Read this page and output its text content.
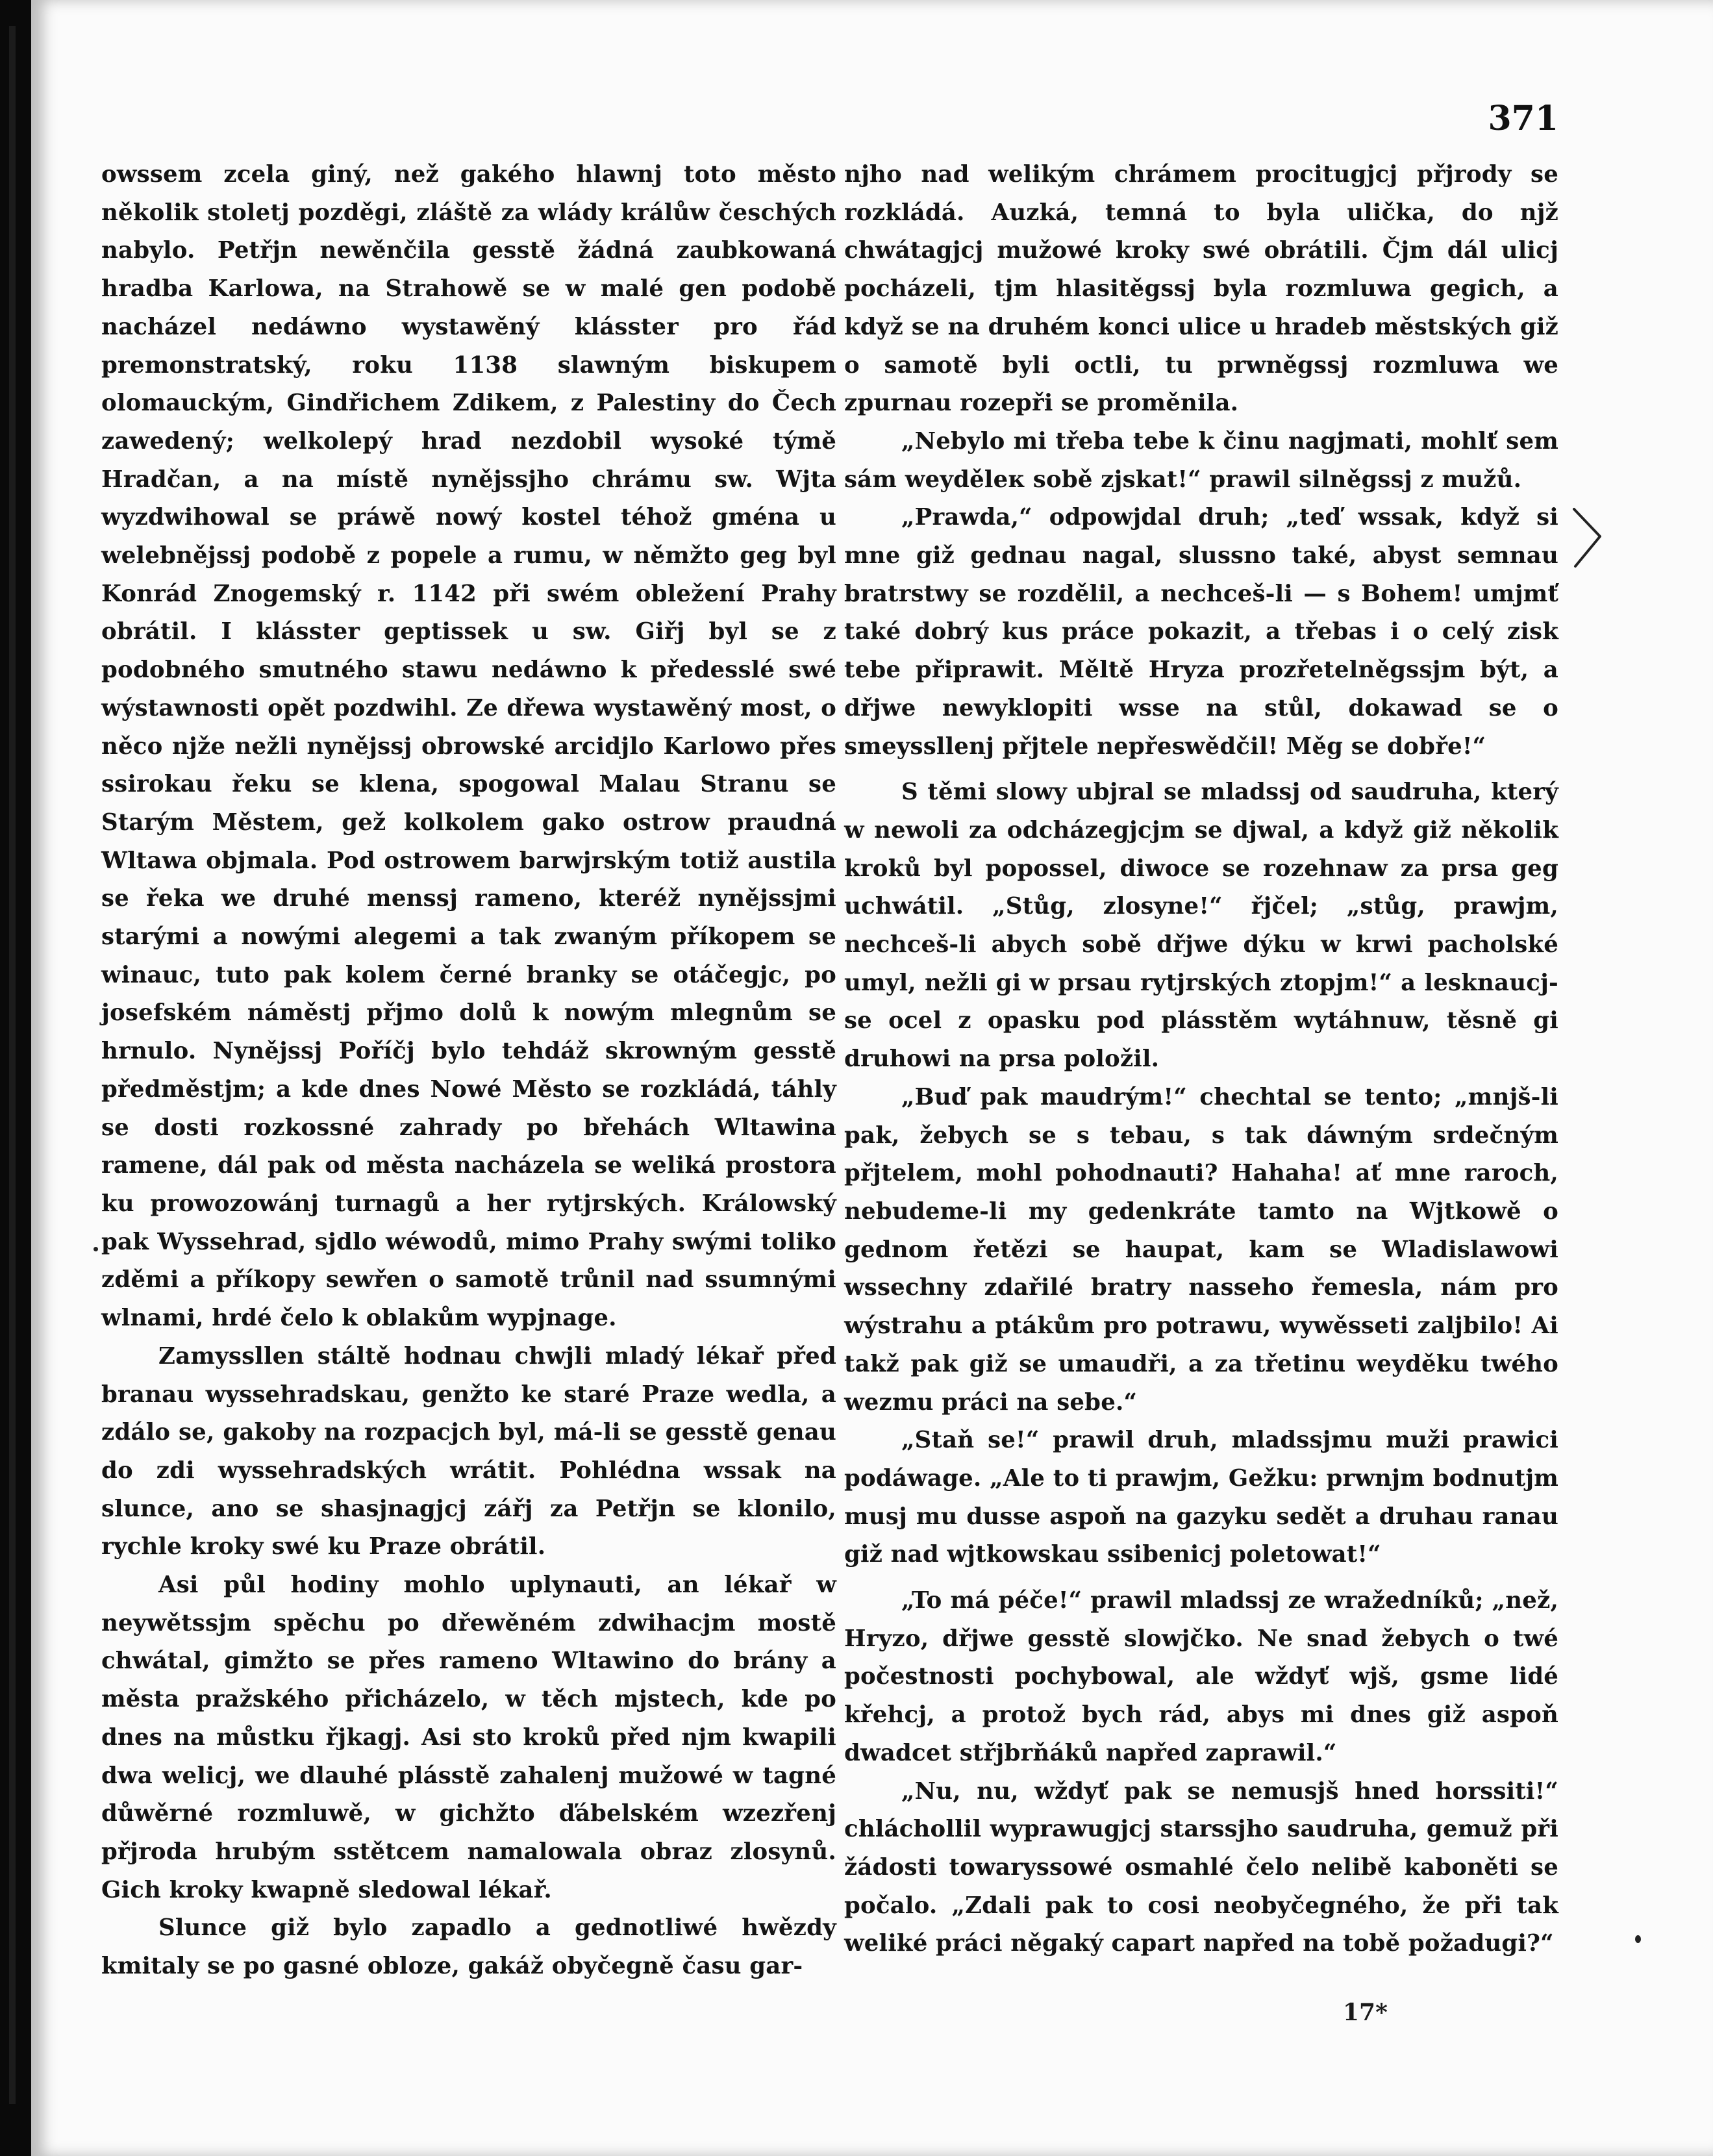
371

owssem zcela giný, než gakého hlawnj toto město několik stoletj pozděgi, zláště za wlády králůw česchých nabylo. Petřjn newěnčila gesstě žádná zaubkowaná hradba Karlowa, na Strahowě se w malé gen podobě nacházel nedáwno wystawěný klásster pro řád premonstratský, roku 1138 slawným biskupem olomauckým, Gindřichem Zdikem, z Palestiny do Čech zawedený; welkolepý hrad nezdobil wysoké týmě Hradčan, a na místě nynějssjho chrámu sw. Wjta wyzdwihowal se práwě nowý kostel téhož gména u welebnějssj podobě z popele a rumu, w němžto geg byl Konrád Znogemský r. 1142 při swém obležení Prahy obrátil. I klásster geptissek u sw. Giřj byl se z podobného smutného stawu nedáwno k předesslé swé wýstawnosti opět pozdwihl. Ze dřewa wystawěný most, o něco njže nežli nynějssj obrowské arcidjlo Karlowo přes ssirokau řeku se klena, spogowal Malau Stranu se Starým Městem, gež kolkolem gako ostrow praudná Wltawa objmala. Pod ostrowem barwjrským totiž austila se řeka we druhé menssj rameno, kteréž nynějssjmi starými a nowými alegemi a tak zwaným příkopem se winauc, tuto pak kolem černé branky se otáčegjc, po josefském náměstj přjmo dolů k nowým mlegnům se hrnulo. Nynějssj Poříčj bylo tehdáž skrowným gesstě předměstjm; a kde dnes Nowé Město se rozkládá, táhly se dosti rozkossné zahrady po břehách Wltawina ramene, dál pak od města nacházela se weliká prostora ku prowozowánj turnagů a her rytjrských. Králowský pak Wyssehrad, sjdlo wéwodů, mimo Prahy swými toliko zděmi a příkopy sewřen o samotě trůnil nad ssumnými wlnami, hrdé čelo k oblakům wypjnage.

Zamyssllen stáltě hodnau chwjli mladý lékař před branau wyssehradskau, genžto ke staré Praze wedla, a zdálo se, gakoby na rozpacjch byl, má-li se gesstě genau do zdi wyssehradských wrátit. Pohlédna wssak na slunce, ano se shasjnagjcj zářj za Petřjn se klonilo, rychle kroky swé ku Praze obrátil.

Asi půl hodiny mohlo uplynauti, an lékař w neywětssjm spěchu po dřewěném zdwihacjm mostě chwátal, gimžto se přes rameno Wltawino do brány a města pražského přicházelo, w těch mjstech, kde po dnes na můstku řjkagj. Asi sto kroků před njm kwapili dwa welicj, we dlauhé plásstě zahalenj mužowé w tagné důwěrné rozmluwě, w gichžto ďábelském wzezřenj přjroda hrubým sstětcem namalowala obraz zlosynů. Gich kroky kwapně sledowal lékař.

Slunce giž bylo zapadlo a gednotliwé hwězdy kmitaly se po gasné obloze, gakáž obyčegně času gar-

njho nad welikým chrámem procitugjcj přjrody se rozkládá. Auzká, temná to byla ulička, do njž chwátagjcj mužowé kroky swé obrátili. Čjm dál ulicj pocházeli, tjm hlasitěgssj byla rozmluwa gegich, a když se na druhém konci ulice u hradeb městských giž o samotě byli octli, tu prwněgssj rozmluwa we zpurnau rozepři se proměnila.

„Nebylo mi třeba tebe k činu nagjmati, mohlť sem sám weyděleк sobě zjskat!“ prawil silněgssj z mužů.

„Prawda,“ odpowjdal druh; „teď wssak, když si mne giž gednau nagal, slussno také, abyst semnau bratrstwy se rozdělil, a nechceš-li — s Bohem! umjmť také dobrý kus práce pokazit, a třebas i o celý zisk tebe připrawit. Měltě Hryza prozřetelněgssjm být, a dřjwe newyklopiti wsse na stůl, dokawad se o smeyssllenj přjtele nepřeswědčil! Měg se dobře!“

S těmi slowy ubjral se mladssj od saudruha, který w newoli za odcházegjcjm se djwal, a když giž několik kroků byl popossel, diwoce se rozehnaw za prsa geg uchwátil. „Stůg, zlosyne!“ řjčel; „stůg, prawjm, nechceš-li abych sobě dřjwe dýku w krwi pacholské umyl, nežli gi w prsau rytjrských ztopjm!“ a lesknaucj-se ocel z opasku pod plásstěm wytáhnuw, těsně gi druhowi na prsa položil.

„Buď pak maudrým!“ chechtal se tento; „mnjš-li pak, žebych se s tebau, s tak dáwným srdečným přjtelem, mohl pohodnauti? Hahaha! ať mne raroch, nebudeme-li my gedenkráte tamto na Wjtkowě o gednom řetězi se haupat, kam se Wladislawowi wssechny zdařilé bratry nasseho řemesla, nám pro wýstrahu a ptákům pro potrawu, wywěssetі zaljbilo! Ai takž pak giž se umaudři, a za třetinu weyděku twého wezmu práci na sebe.“

„Staň se!“ prawil druh, mladssjmu muži prawici podáwage. „Ale to ti prawjm, Gežku: prwnjm bodnutjm musj mu dusse aspoň na gazyku sedět a druhau ranau giž nad wjtkowskau ssibenicj poletowat!“

„To má péče!“ prawil mladssj ze wražedníků; „než, Hryzo, dřjwe gesstě slowjčko. Ne snad žebych o twé počestnosti pochybowal, ale wždyť wjš, gsme lidé křehcj, a protož bych rád, abys mi dnes giž aspoň dwadcet střjbrňáků napřed zaprawil.“

„Nu, nu, wždyť pak se nemusjš hned horssiti!“ chláchollil wyprawugjcj starssjho saudruha, gemuž při žádosti towaryssowé osmahlé čelo nelibě kaboněti se počalo. „Zdali pak to cosi neobyčegného, že při tak weliké práci něgaký capart napřed na tobě požadugi?“

17*
